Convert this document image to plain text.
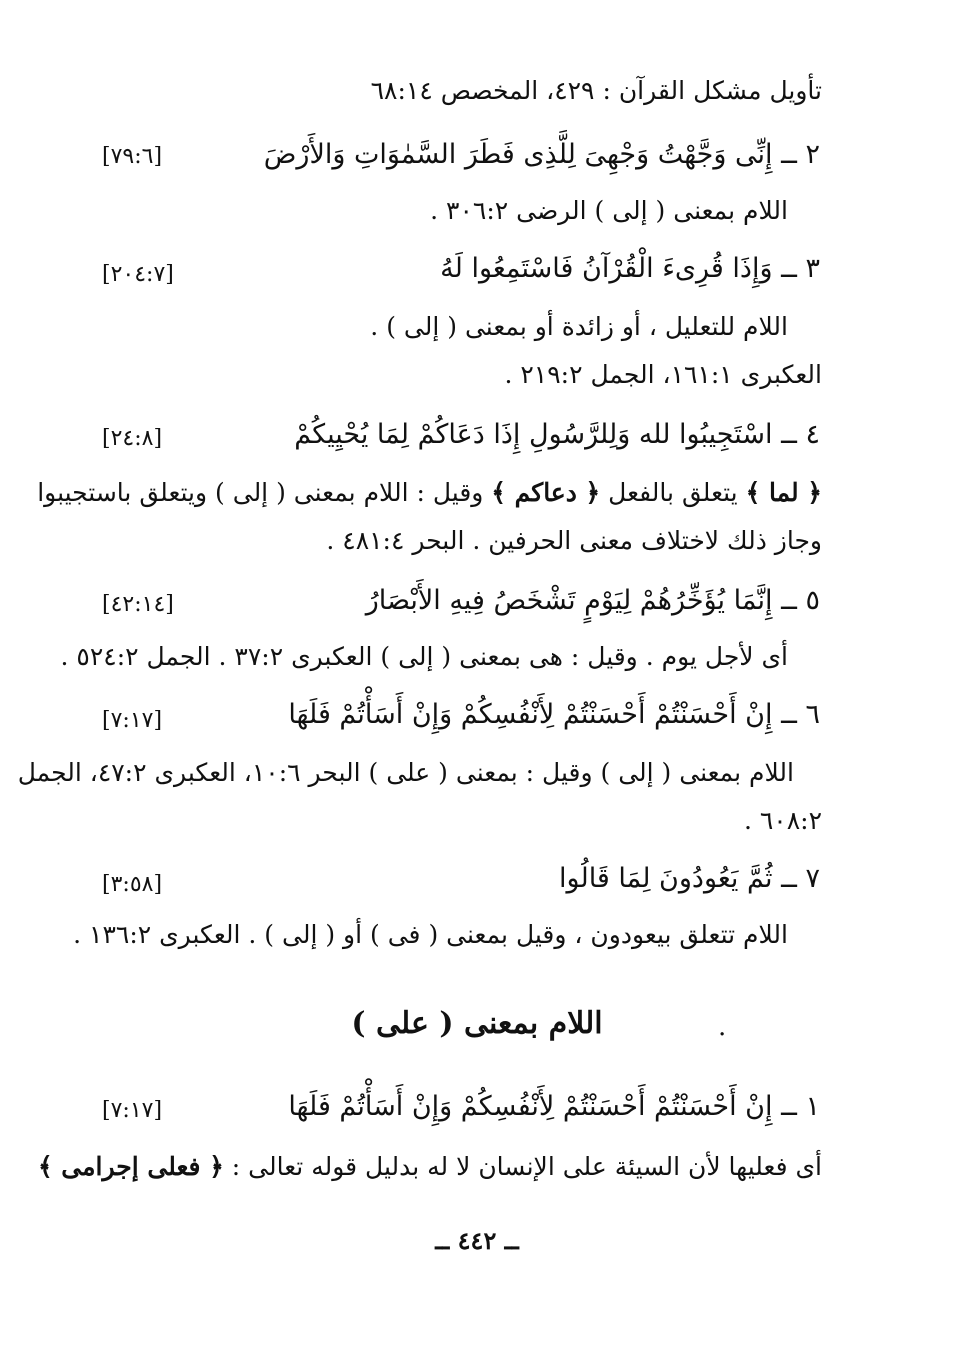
تأويل مشكل القرآن : ٤٢٩، المخصص ٦٨:١٤
٢ ــ إِنِّى وَجَّهْتُ وَجْهِىَ لِلَّذِى فَطَرَ السَّمٰوَاتِ وَالأَرْضَ
[٧٩:٦]
اللام بمعنى ( إلى ) الرضى ٣٠٦:٢ .
٣ ــ وَإِذَا قُرِىءَ الْقُرْآنُ فَاسْتَمِعُوا لَهُ
[٢٠٤:٧]
اللام للتعليل ، أو زائدة أو بمعنى ( إلى ) .
العكبرى ١٦١:١، الجمل ٢١٩:٢ .
٤ ــ اسْتَجِيبُوا لله وَلِلرَّسُولِ إِذَا دَعَاكُمْ لِمَا يُحْيِيكُمْ
[٢٤:٨]
﴿ لما ﴾ يتعلق بالفعل ﴿ دعاكم ﴾ وقيل : اللام بمعنى ( إلى ) ويتعلق باستجيبوا
وجاز ذلك لاختلاف معنى الحرفين . البحر ٤٨١:٤ .
٥ ــ إِنَّمَا يُؤَخِّرُهُمْ لِيَوْمٍ تَشْخَصُ فِيهِ الأَبْصَارُ
[٤٢:١٤]
أى لأجل يوم . وقيل : هى بمعنى ( إلى ) العكبرى ٣٧:٢ . الجمل ٥٢٤:٢ .
٦ ــ إِنْ أَحْسَنْتُمْ أَحْسَنْتُمْ لِأَنْفُسِكُمْ وَإِنْ أَسَأْتُمْ فَلَهَا
[٧:١٧]
اللام بمعنى ( إلى ) وقيل : بمعنى ( على ) البحر ١٠:٦، العكبرى ٤٧:٢، الجمل
٦٠٨:٢ .
٧ ــ ثُمَّ يَعُودُونَ لِمَا قَالُوا
[٣:٥٨]
اللام تتعلق بيعودون ، وقيل بمعنى ( فى ) أو ( إلى ) . العكبرى ١٣٦:٢ .
اللام بمعنى ( على )	.
١ ــ إِنْ أَحْسَنْتُمْ أَحْسَنْتُمْ لِأَنْفُسِكُمْ وَإِنْ أَسَأْتُمْ فَلَهَا
[٧:١٧]
أى فعليها لأن السيئة على الإنسان لا له بدليل قوله تعالى : ﴿ فعلى إجرامى ﴾
ــ ٤٤٢ ــ
